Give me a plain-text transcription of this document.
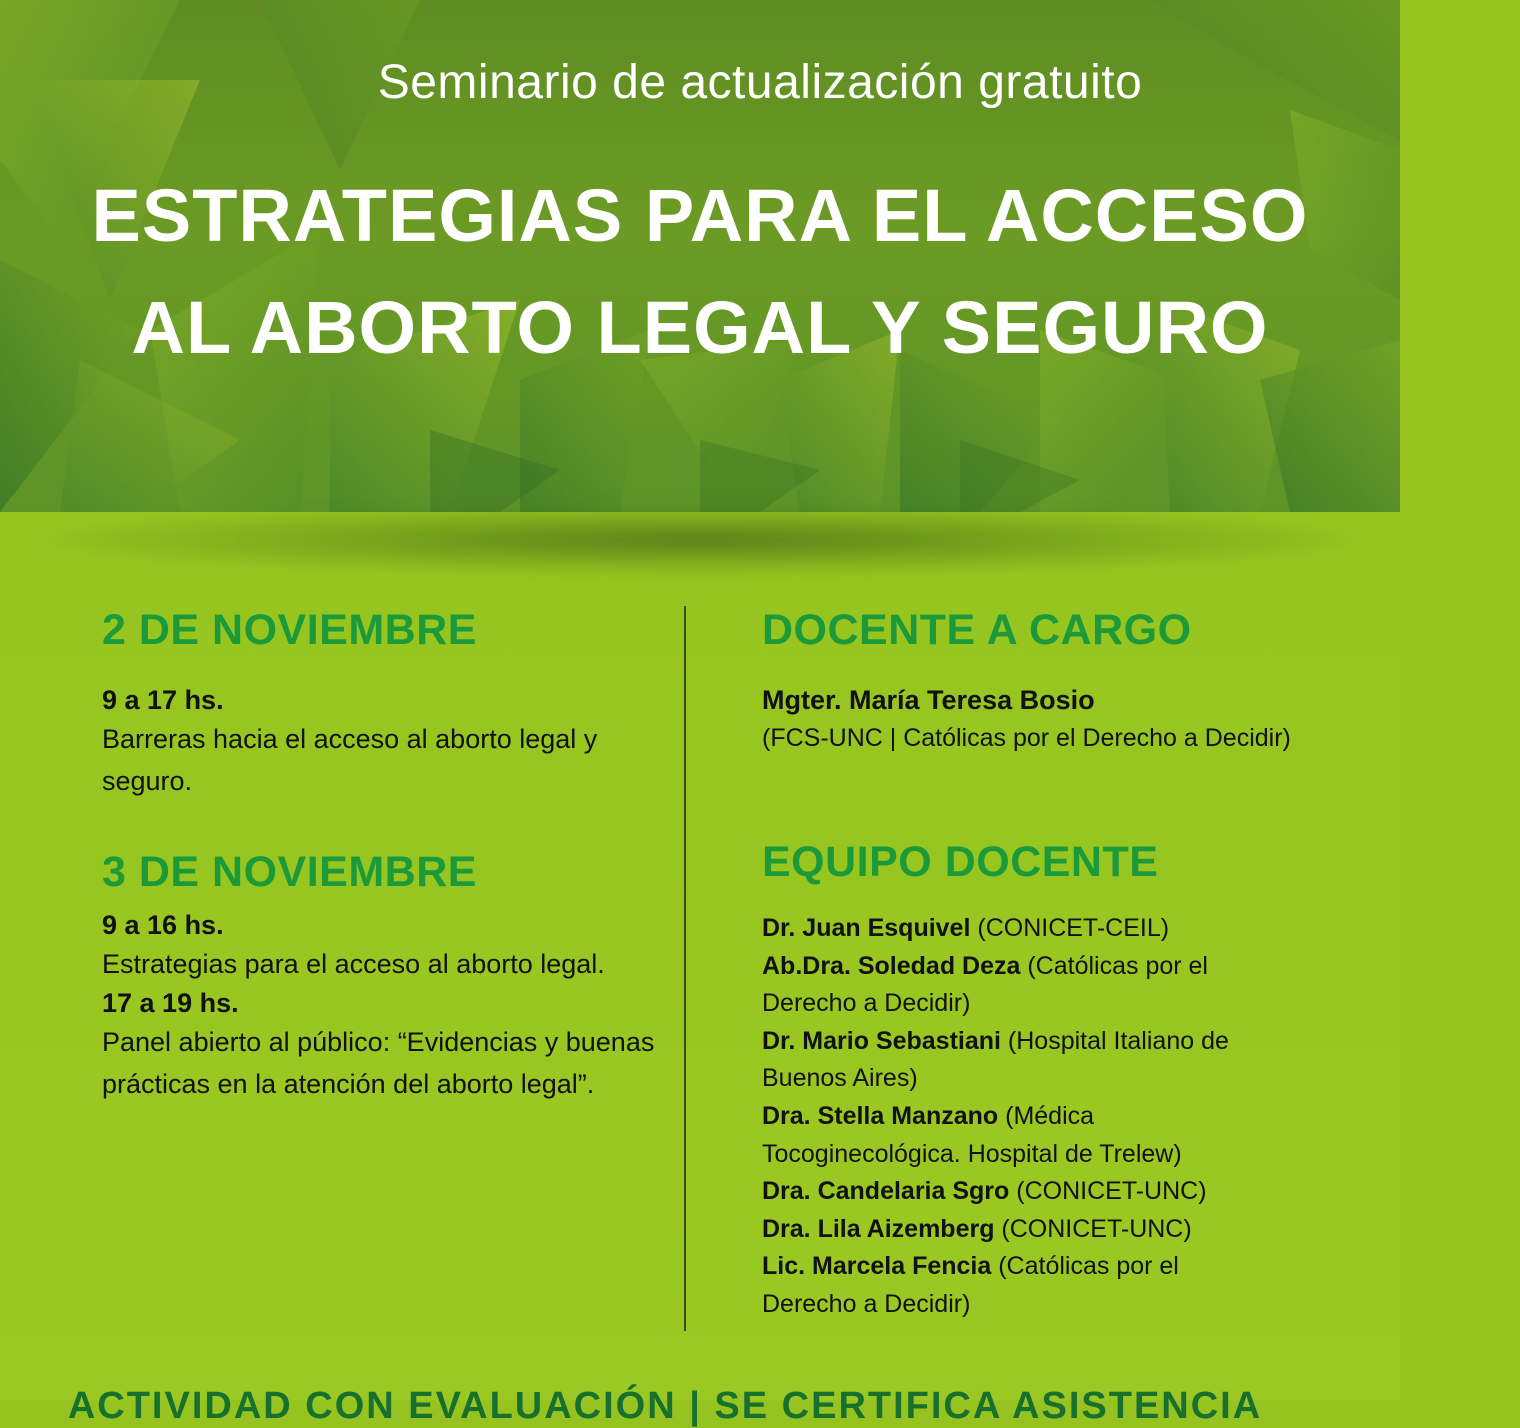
Seminario de actualización gratuito
ESTRATEGIAS PARA EL ACCESO
AL ABORTO LEGAL Y SEGURO
2 DE NOVIEMBRE
9 a 17 hs.
Barreras hacia el acceso al aborto legal y seguro.
3 DE NOVIEMBRE
9 a 16 hs.
Estrategias para el acceso al aborto legal.
17 a 19 hs.
Panel abierto al público: “Evidencias y buenas prácticas en la atención del aborto legal”.
DOCENTE A CARGO
Mgter. María Teresa Bosio
(FCS-UNC | Católicas por el Derecho a Decidir)
EQUIPO DOCENTE
Dr. Juan Esquivel (CONICET-CEIL)
Ab.Dra. Soledad Deza (Católicas por el Derecho a Decidir)
Dr. Mario Sebastiani (Hospital Italiano de Buenos Aires)
Dra. Stella Manzano (Médica Tocoginecológica. Hospital de Trelew)
Dra. Candelaria Sgro (CONICET-UNC)
Dra. Lila Aizemberg (CONICET-UNC)
Lic. Marcela Fencia (Católicas por el Derecho a Decidir)
ACTIVIDAD CON EVALUACIÓN | SE CERTIFICA ASISTENCIA
